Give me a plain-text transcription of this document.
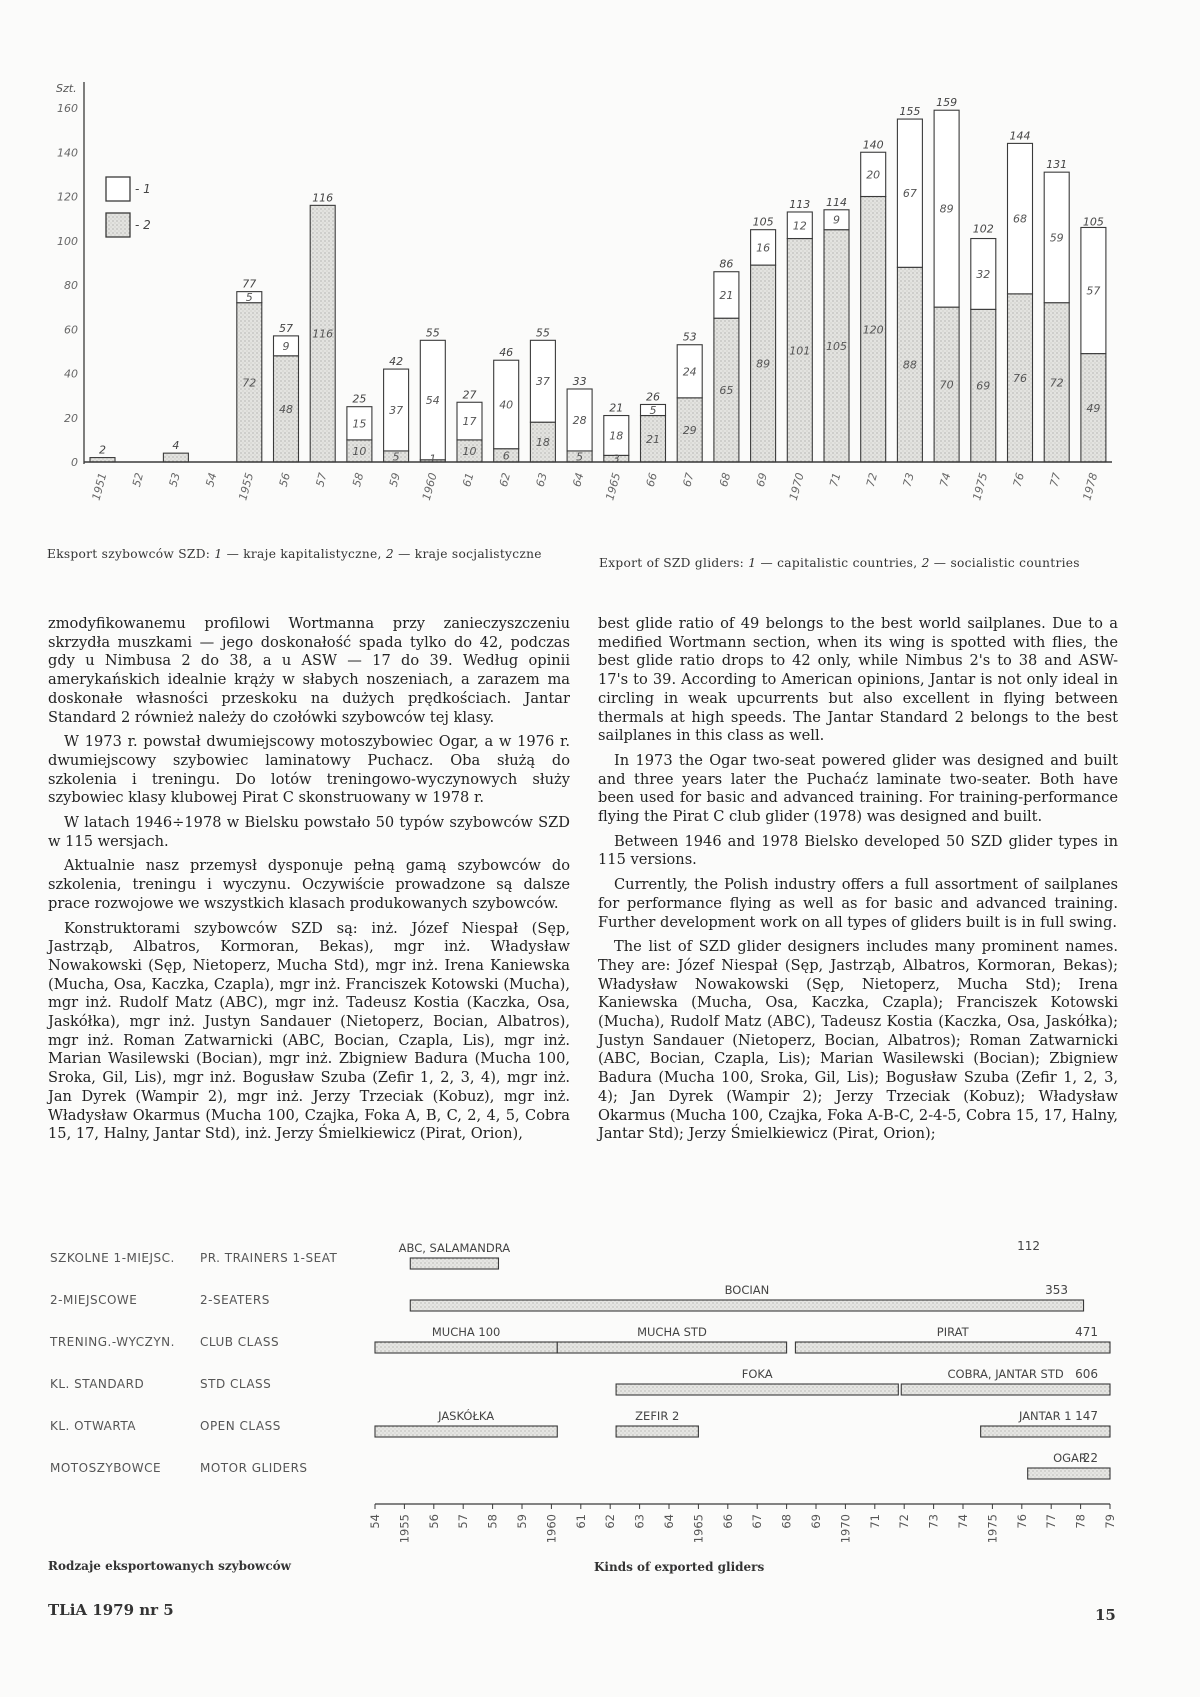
Szt.
0
20
40
60
80
100
120
140
160
- 1
- 2
2	4
77
5
72
57
9
48
116
116
25
15
10
42
37
5
55
54
1
27
17
10
46
40
6
55
37
18
33
28
5
21
18
3
26
5
21
53
24
29
86
21
65
105
16
89
113
12
101
114
9
105
140
20
120
155
67
88
159
89
70
102
32
69
144
68
76
131
59
72
105
57
49
1951 52 53 54 1955 56 57 58 59 1960 61 62 63 64 1965 66 67 68 69 1970 71 72 73 74 1975 76 77 1978
Eksport szybowców SZD: 1 — kraje kapitalistyczne, 2 — kraje socjalistyczne
Export of SZD gliders: 1 — capitalistic countries, 2 — socialistic countries

zmodyfikowanemu profilowi Wortmanna przy zanieczyszczeniu skrzydła muszkami — jego doskonałość spada tylko do 42, podczas gdy u Nimbusa 2 do 38, a u ASW — 17 do 39. Według opinii amerykańskich idealnie krąży w słabych noszeniach, a zarazem ma doskonałe własności przeskoku na dużych prędkościach. Jantar Standard 2 również należy do czołówki szybowców tej klasy.

W 1973 r. powstał dwumiejscowy motoszybowiec Ogar, a w 1976 r. dwumiejscowy szybowiec laminatowy Puchacz. Oba służą do szkolenia i treningu. Do lotów treningowo-wyczynowych służy szybowiec klasy klubowej Pirat C skonstruowany w 1978 r.

W latach 1946÷1978 w Bielsku powstało 50 typów szybowców SZD w 115 wersjach.

Aktualnie nasz przemysł dysponuje pełną gamą szybowców do szkolenia, treningu i wyczynu. Oczywiście prowadzone są dalsze prace rozwojowe we wszystkich klasach produkowanych szybowców.

Konstruktorami szybowców SZD są: inż. Józef Niespał (Sęp, Jastrząb, Albatros, Kormoran, Bekas), mgr inż. Władysław Nowakowski (Sęp, Nietoperz, Mucha Std), mgr inż. Irena Kaniewska (Mucha, Osa, Kaczka, Czapla), mgr inż. Franciszek Kotowski (Mucha), mgr inż. Rudolf Matz (ABC), mgr inż. Tadeusz Kostia (Kaczka, Osa, Jaskółka), mgr inż. Justyn Sandauer (Nietoperz, Bocian, Albatros), mgr inż. Roman Zatwarnicki (ABC, Bocian, Czapla, Lis), mgr inż. Marian Wasilewski (Bocian), mgr inż. Zbigniew Badura (Mucha 100, Sroka, Gil, Lis), mgr inż. Bogusław Szuba (Zefir 1, 2, 3, 4), mgr inż. Jan Dyrek (Wampir 2), mgr inż. Jerzy Trzeciak (Kobuz), mgr inż. Władysław Okarmus (Mucha 100, Czajka, Foka A, B, C, 2, 4, 5, Cobra 15, 17, Halny, Jantar Std), inż. Jerzy Śmielkiewicz (Pirat, Orion),

best glide ratio of 49 belongs to the best world sailplanes. Due to a medified Wortmann section, when its wing is spotted with flies, the best glide ratio drops to 42 only, while Nimbus 2's to 38 and ASW-17's to 39. According to American opinions, Jantar is not only ideal in circling in weak upcurrents but also excellent in flying between thermals at high speeds. The Jantar Standard 2 belongs to the best sailplanes in this class as well.

In 1973 the Ogar two-seat powered glider was designed and built and three years later the Puchaćz laminate two-seater. Both have been used for basic and advanced training. For training-performance flying the Pirat C club glider (1978) was designed and built.

Between 1946 and 1978 Bielsko developed 50 SZD glider types in 115 versions.

Currently, the Polish industry offers a full assortment of sailplanes for performance flying as well as for basic and advanced training. Further development work on all types of gliders built is in full swing.

The list of SZD glider designers includes many prominent names. They are: Józef Niespał (Sęp, Jastrząb, Albatros, Kormoran, Bekas); Władysław Nowakowski (Sęp, Nietoperz, Mucha Std); Irena Kaniewska (Mucha, Osa, Kaczka, Czapla); Franciszek Kotowski (Mucha), Rudolf Matz (ABC), Tadeusz Kostia (Kaczka, Osa, Jaskółka); Justyn Sandauer (Nietoperz, Bocian, Albatros); Roman Zatwarnicki (ABC, Bocian, Czapla, Lis); Marian Wasilewski (Bocian); Zbigniew Badura (Mucha 100, Sroka, Gil, Lis); Bogusław Szuba (Zefir 1, 2, 3, 4); Jan Dyrek (Wampir 2); Jerzy Trzeciak (Kobuz); Władysław Okarmus (Mucha 100, Czajka, Foka A-B-C, 2-4-5, Cobra 15, 17, Halny, Jantar Std); Jerzy Śmielkiewicz (Pirat, Orion);

SZKOLNE 1-MIEJSC. PR. TRAINERS 1-SEAT
ABC, SALAMANDRA	112
2-MIEJSCOWE	2-SEATERS
BOCIAN	353
TRENING.-WYCZYN. CLUB CLASS
MUCHA 100	MUCHA STD	PIRAT	471
KL. STANDARD	STD CLASS
FOKA	COBRA, JANTAR STD 606
KL. OTWARTA	OPEN CLASS
JASKÓŁKA	ZEFIR 2	JANTAR 1 147
MOTOSZYBOWCE	MOTOR GLIDERS
OGAR
22
54 1955 56 57 58 59 1960 61 62 63 64 1965 66 67 68 69 1970 71 72 73 74 1975 76 77 78 79
Rodzaje eksportowanych szybowców	Kinds of exported gliders
TLiA 1979 nr 5	15
